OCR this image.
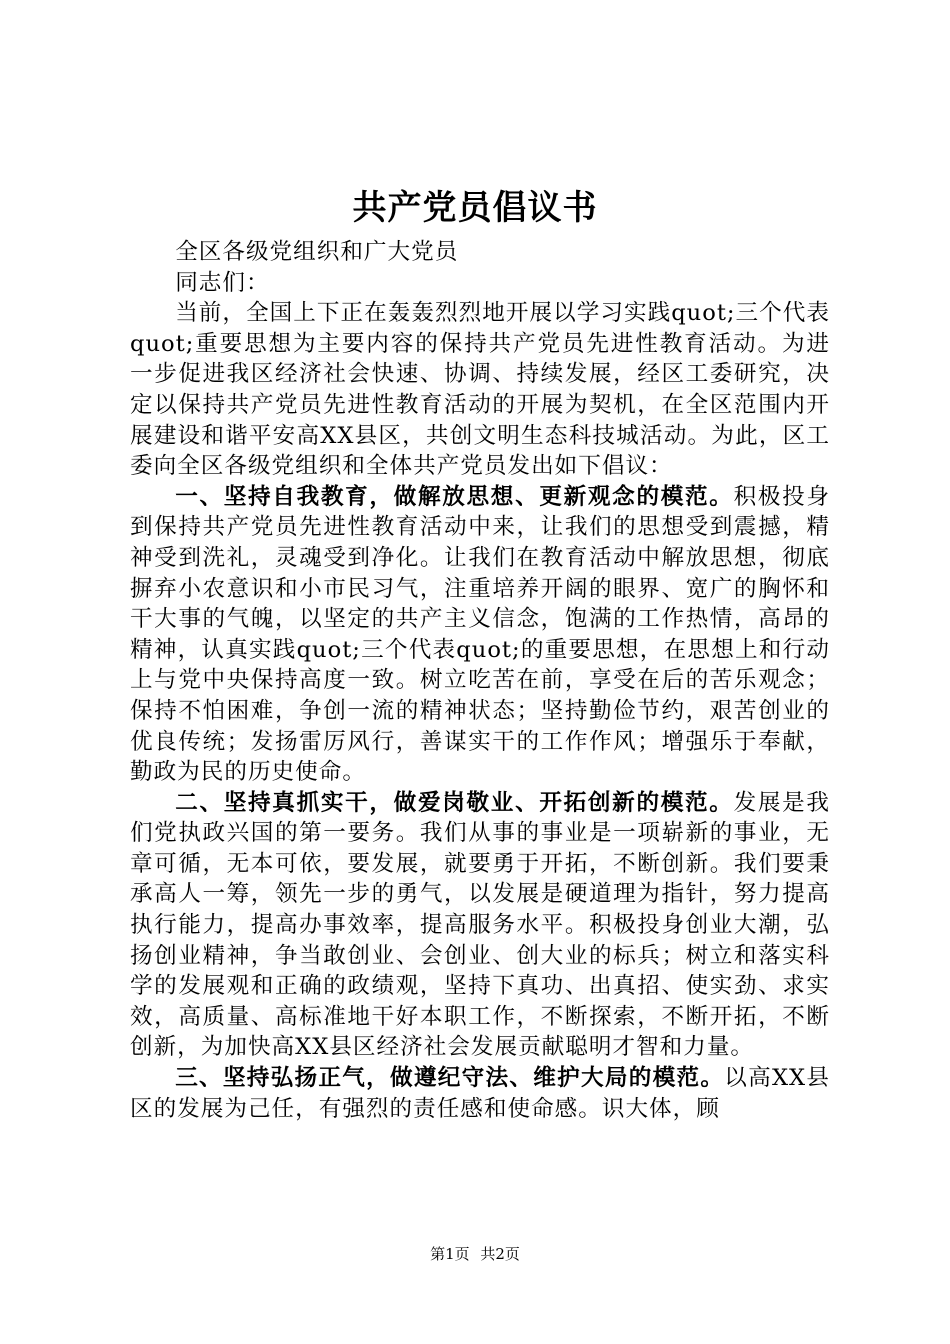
共产党员倡议书

全区各级党组织和广大党员

同志们：

当前，全国上下正在轰轰烈烈地开展以学习实践quot;三个代表quot;重要思想为主要内容的保持共产党员先进性教育活动。为进一步促进我区经济社会快速、协调、持续发展，经区工委研究，决定以保持共产党员先进性教育活动的开展为契机，在全区范围内开展建设和谐平安高XX县区，共创文明生态科技城活动。为此，区工委向全区各级党组织和全体共产党员发出如下倡议：

一、坚持自我教育，做解放思想、更新观念的模范。积极投身到保持共产党员先进性教育活动中来，让我们的思想受到震撼，精神受到洗礼，灵魂受到净化。让我们在教育活动中解放思想，彻底摒弃小农意识和小市民习气，注重培养开阔的眼界、宽广的胸怀和干大事的气魄，以坚定的共产主义信念，饱满的工作热情，高昂的精神，认真实践quot;三个代表quot;的重要思想，在思想上和行动上与党中央保持高度一致。树立吃苦在前，享受在后的苦乐观念；保持不怕困难，争创一流的精神状态；坚持勤俭节约，艰苦创业的优良传统；发扬雷厉风行，善谋实干的工作作风；增强乐于奉献，勤政为民的历史使命。

二、坚持真抓实干，做爱岗敬业、开拓创新的模范。发展是我们党执政兴国的第一要务。我们从事的事业是一项崭新的事业，无章可循，无本可依，要发展，就要勇于开拓，不断创新。我们要秉承高人一筹，领先一步的勇气，以发展是硬道理为指针，努力提高执行能力，提高办事效率，提高服务水平。积极投身创业大潮，弘扬创业精神，争当敢创业、会创业、创大业的标兵；树立和落实科学的发展观和正确的政绩观，坚持下真功、出真招、使实劲、求实效，高质量、高标准地干好本职工作，不断探索，不断开拓，不断创新，为加快高XX县区经济社会发展贡献聪明才智和力量。

三、坚持弘扬正气，做遵纪守法、维护大局的模范。以高XX县区的发展为己任，有强烈的责任感和使命感。识大体，顾

第1页 共2页
